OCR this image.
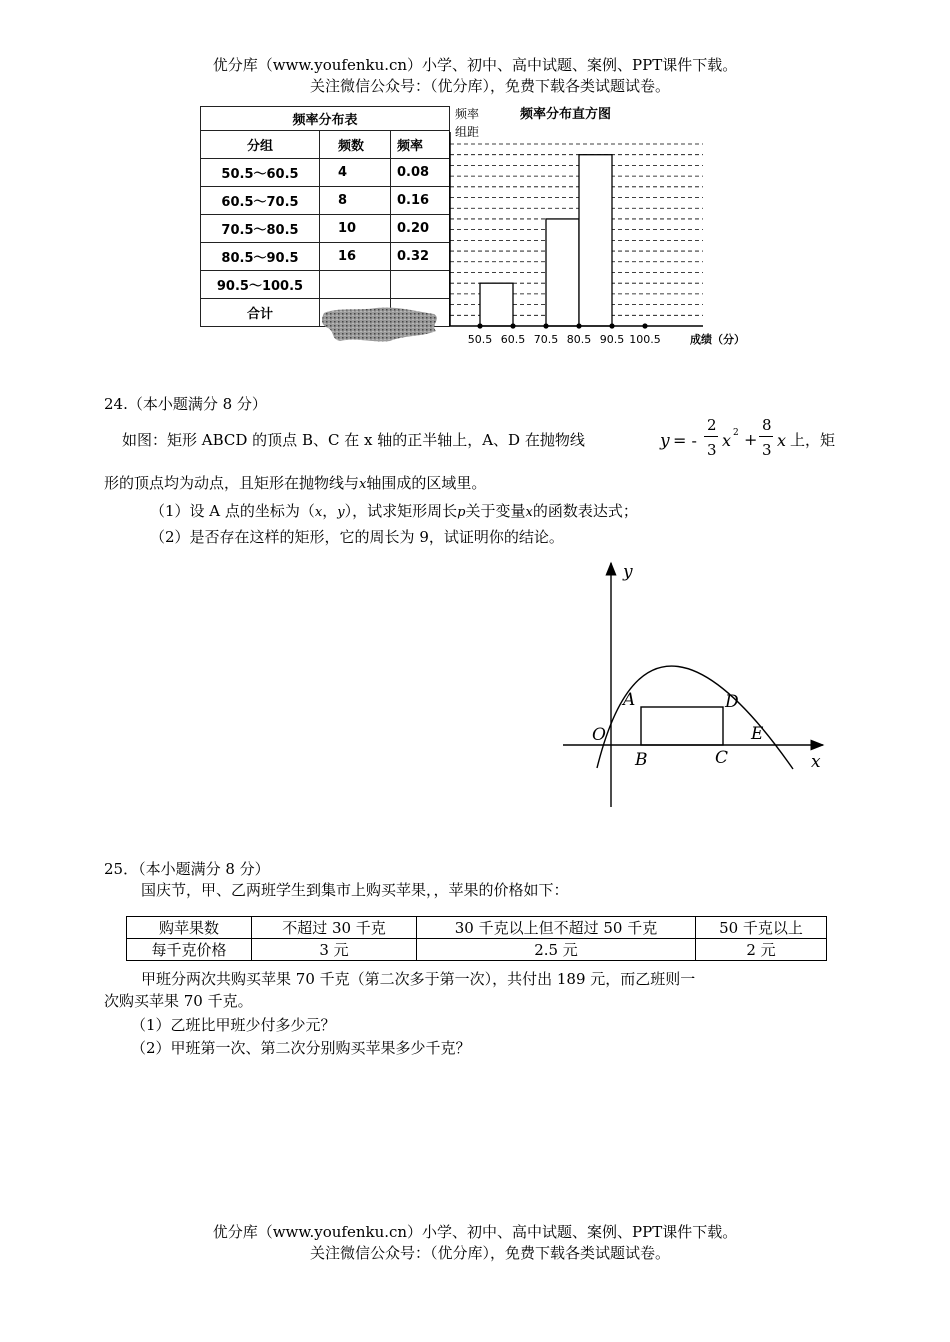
优分库（www.youfenku.cn）小学、初中、高中试题、案例、PPT课件下载。
关注微信公众号：（优分库），免费下载各类试题试卷。
频率分布表		
分组	频数	频率
50.5～60.5	4	0.08
60.5～70.5	8	0.16
70.5～80.5	10	0.20
80.5～90.5	16	0.32
90.5～100.5		
合计		
频率
组距
频率分布直方图
50.5 60.5 70.5 80.5 90.5 100.5	成绩（分）
24.（本小题满分 8 分）
如图：矩形 ABCD 的顶点 B、C 在 x 轴的正半轴上，A、D 在抛物线	y = -
2
3 x 2 +
8
3 x 上，矩
形的顶点均为动点，且矩形在抛物线与x轴围成的区域里。
（1）设 A 点的坐标为（x，y），试求矩形周长p关于变量x的函数表达式；
（2）是否存在这样的矩形，它的周长为 9，试证明你的结论。
y
x
O
A	D
B	C
E
25．（本小题满分 8 分）
国庆节，甲、乙两班学生到集市上购买苹果，，苹果的价格如下：
购苹果数	不超过 30 千克	30 千克以上但不超过 50 千克	50 千克以上
每千克价格	3 元	2.5 元	2 元
甲班分两次共购买苹果 70 千克（第二次多于第一次），共付出 189 元，而乙班则一
次购买苹果 70 千克。
（1）乙班比甲班少付多少元？
（2）甲班第一次、第二次分别购买苹果多少千克？
优分库（www.youfenku.cn）小学、初中、高中试题、案例、PPT课件下载。
关注微信公众号：（优分库），免费下载各类试题试卷。
